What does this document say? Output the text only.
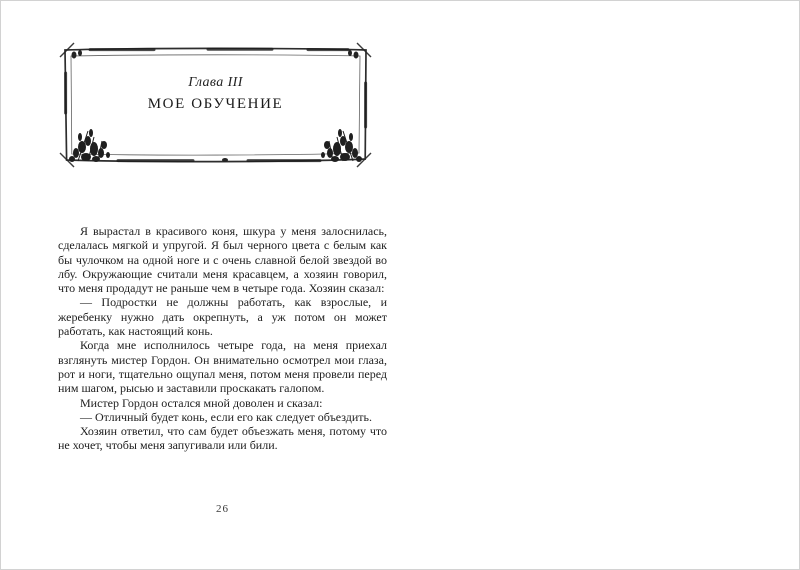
Глава III
МОЕ ОБУЧЕНИЕ

Я вырастал в красивого коня, шкура у меня залоснилась, сделалась мягкой и упругой. Я был черного цвета с белым как бы чулочком на одной ноге и с очень славной белой звездой во лбу. Окружающие считали меня красавцем, а хозяин говорил, что меня продадут не раньше чем в четыре года. Хозяин сказал:

— Подростки не должны работать, как взрослые, и жеребенку нужно дать окрепнуть, а уж потом он может работать, как настоящий конь.

Когда мне исполнилось четыре года, на меня приехал взглянуть мистер Гордон. Он внимательно осмотрел мои глаза, рот и ноги, тщательно ощупал меня, потом меня провели перед ним шагом, рысью и заставили проскакать галопом.

Мистер Гордон остался мной доволен и сказал:

— Отличный будет конь, если его как следует объездить.

Хозяин ответил, что сам будет объезжать меня, потому что не хочет, чтобы меня запугивали или били.

26
